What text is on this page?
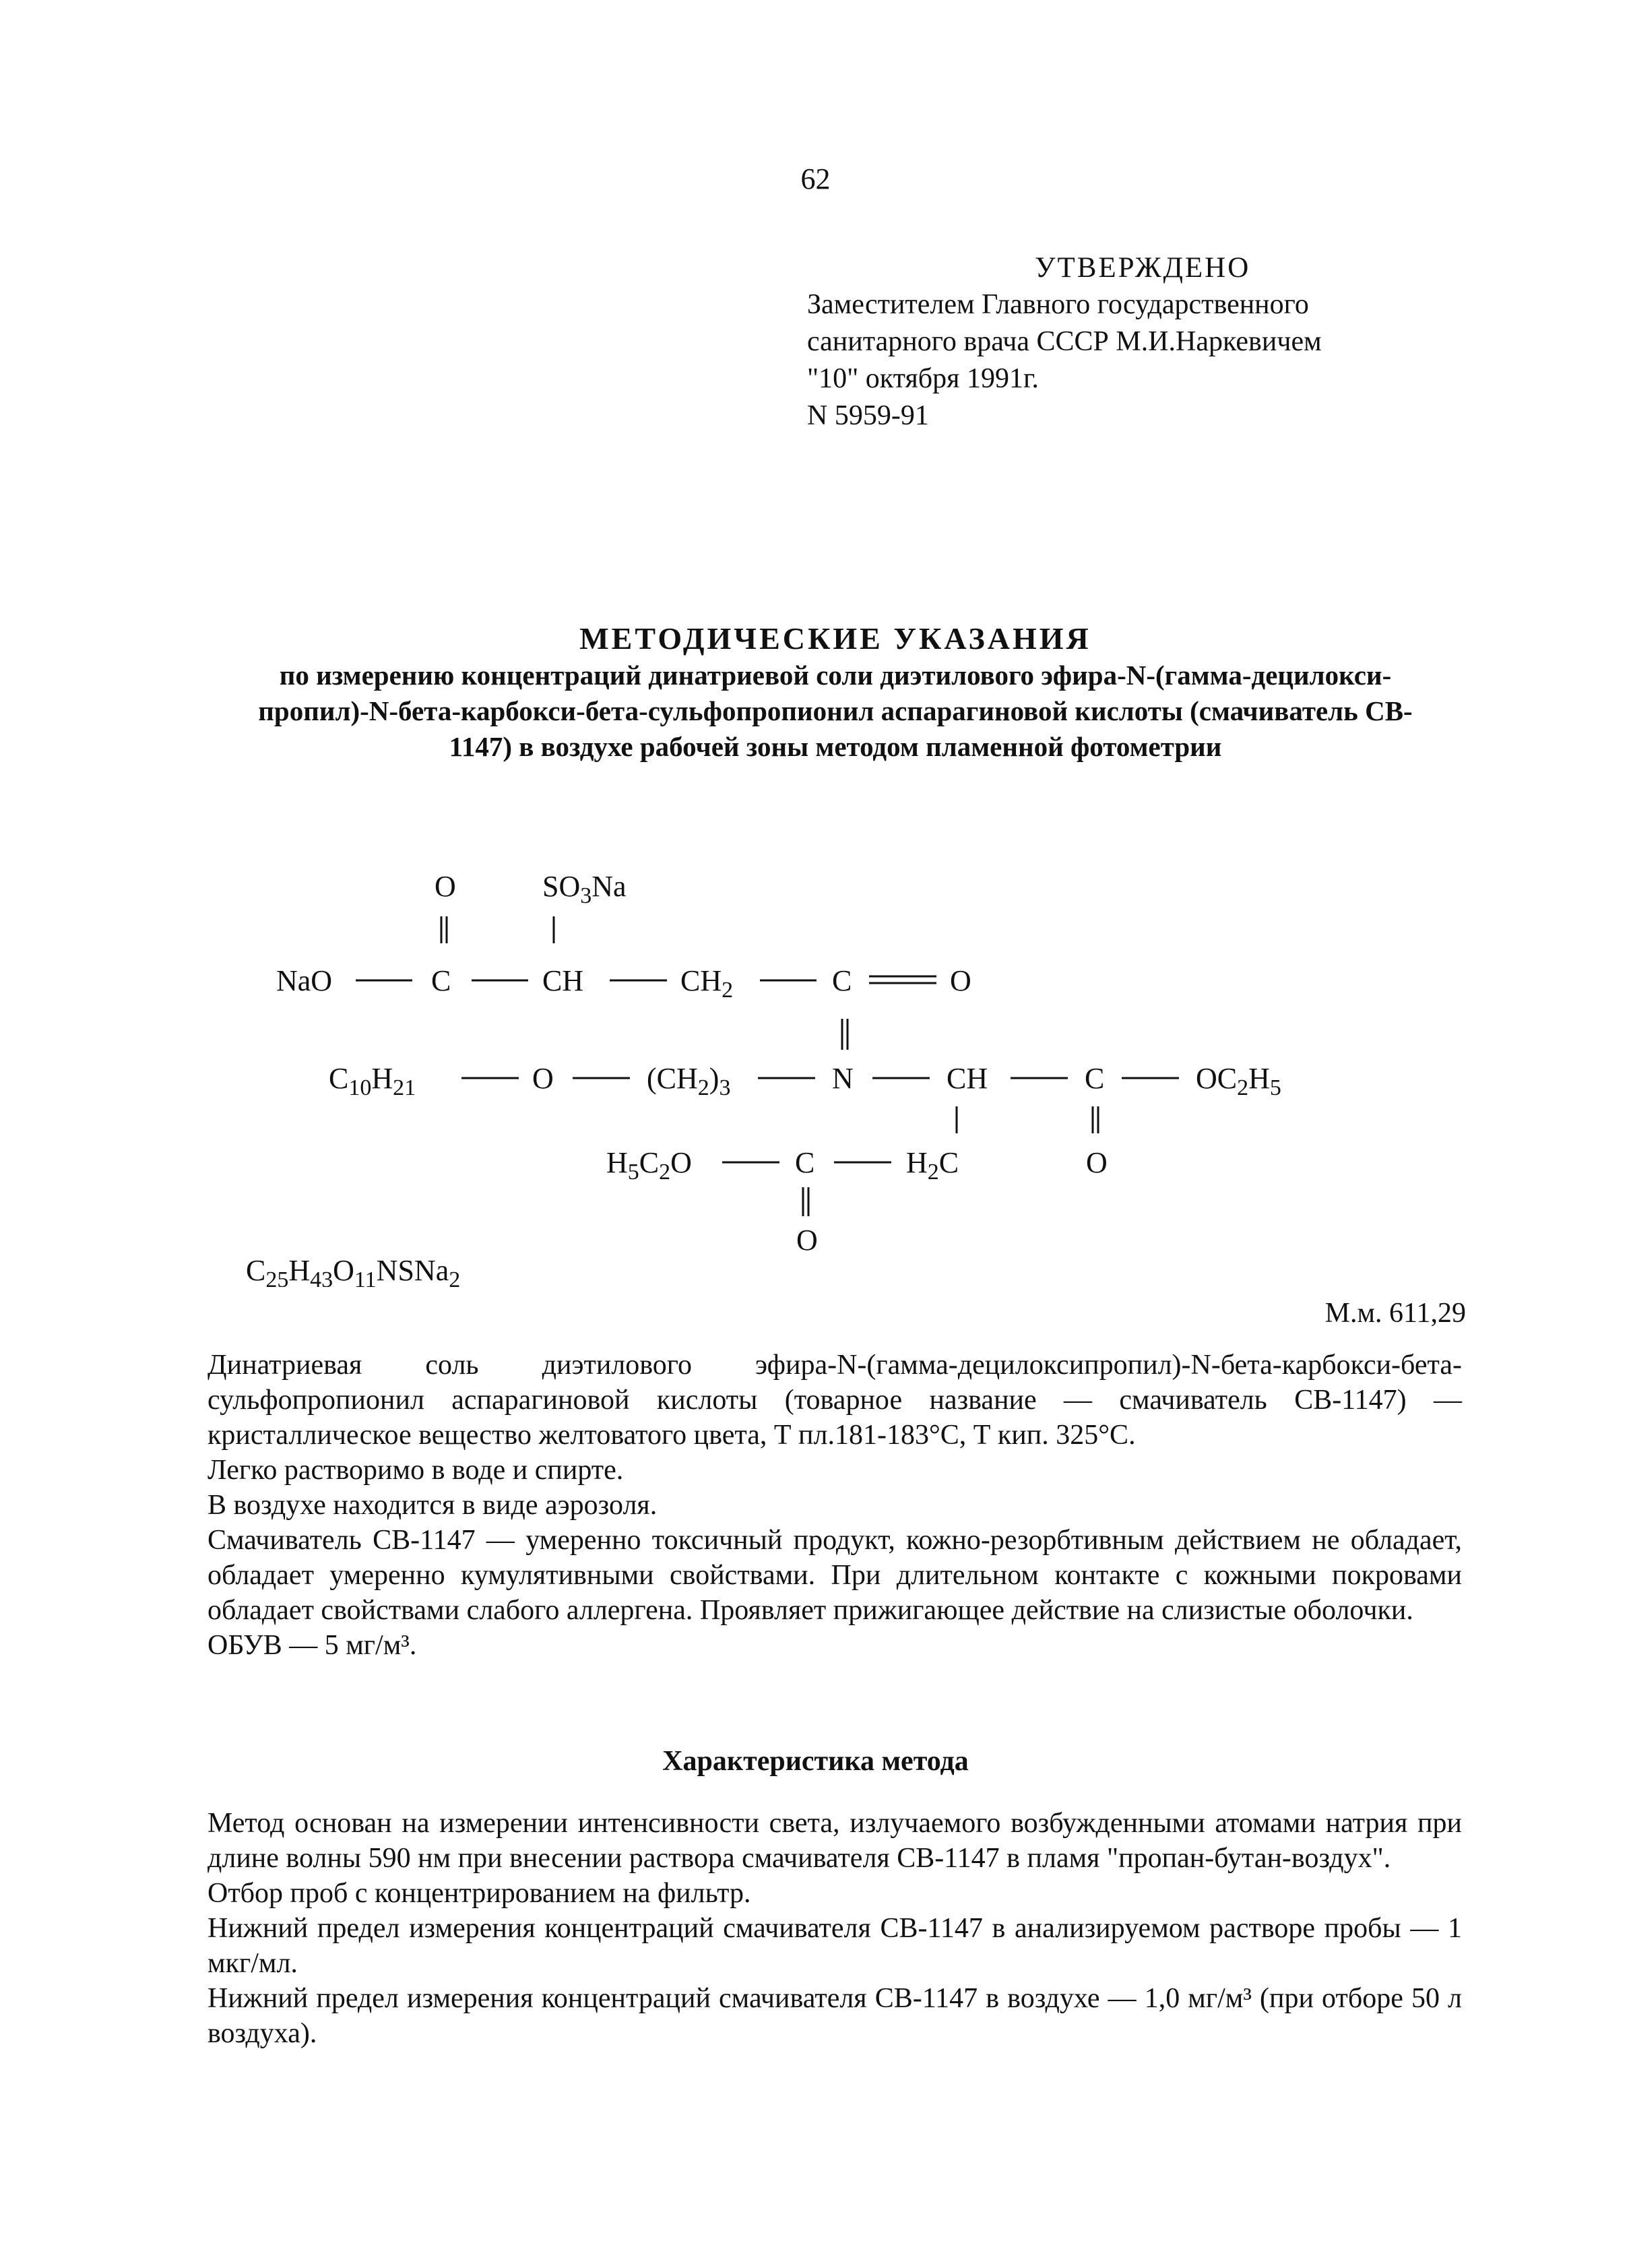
62
УТВЕРЖДЕНО
Заместителем Главного государственного
санитарного врача СССР М.И.Наркевичем
"10" октября 1991г.
N 5959-91
МЕТОДИЧЕСКИЕ УКАЗАНИЯ
по измерению концентраций динатриевой соли диэтилового эфира-N-(гамма-децилокси-
пропил)-N-бета-карбокси-бета-сульфопропионил аспарагиновой кислоты (смачиватель СВ-
1147) в воздухе рабочей зоны методом пламенной фотометрии
O	$SO_3Na$
NaO	C	CH	$CH_2$	C	O
$C_{10}H_{21}$	O	$(CH_2)_3$	N	CH	C	$OC_2H_5$
$H_5C_2O$	C	$H_2C$	O
O
$C_{25}H_{43}O_{11}NSNa_2$
М.м. 611,29

Динатриевая соль диэтилового эфира-N-(гамма-децилоксипропил)-N-бета-карбокси-бета-сульфопропионил аспарагиновой кислоты (товарное название — смачиватель СВ-1147) — кристаллическое вещество желтоватого цвета, Т пл.181-183°С, Т кип. 325°С.

Легко растворимо в воде и спирте.

В воздухе находится в виде аэрозоля.

Смачиватель СВ-1147 — умеренно токсичный продукт, кожно-резорбтивным действием не обладает, обладает умеренно кумулятивными свойствами. При длительном контакте с кожными покровами обладает свойствами слабого аллергена. Проявляет прижигающее действие на слизистые оболочки.

ОБУВ — 5 мг/м³.

Характеристика метода

Метод основан на измерении интенсивности света, излучаемого возбужденными атомами натрия при длине волны 590 нм при внесении раствора смачивателя СВ-1147 в пламя "пропан-бутан-воздух".

Отбор проб с концентрированием на фильтр.

Нижний предел измерения концентраций смачивателя СВ-1147 в анализируемом растворе пробы — 1 мкг/мл.

Нижний предел измерения концентраций смачивателя СВ-1147 в воздухе — 1,0 мг/м³ (при отборе 50 л воздуха).
